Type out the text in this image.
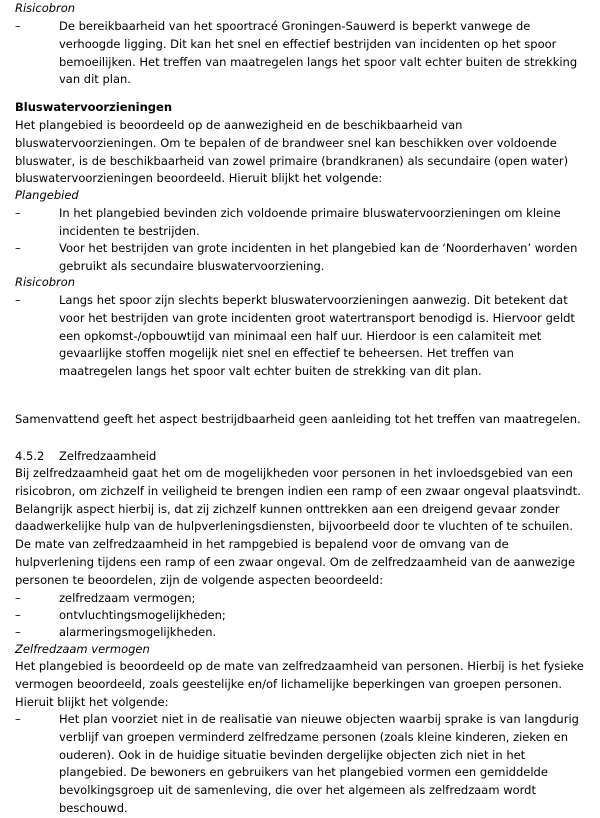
Risicobron
–	De bereikbaarheid van het spoortracé Groningen-Sauwerd is beperkt vanwege de verhoogde ligging. Dit kan het snel en effectief bestrijden van incidenten op het spoor bemoeilijken. Het treffen van maatregelen langs het spoor valt echter buiten de strekking van dit plan.
Bluswatervoorzieningen
Het plangebied is beoordeeld op de aanwezigheid en de beschikbaarheid van bluswatervoorzieningen. Om te bepalen of de brandweer snel kan beschikken over voldoende bluswater, is de beschikbaarheid van zowel primaire (brandkranen) als secundaire (open water) bluswatervoorzieningen beoordeeld. Hieruit blijkt het volgende:
Plangebied
–	In het plangebied bevinden zich voldoende primaire bluswatervoorzieningen om kleine incidenten te bestrijden.
–	Voor het bestrijden van grote incidenten in het plangebied kan de ‘Noorderhaven’ worden gebruikt als secundaire bluswatervoorziening.
Risicobron
–	Langs het spoor zijn slechts beperkt bluswatervoorzieningen aanwezig. Dit betekent dat voor het bestrijden van grote incidenten groot watertransport benodigd is. Hiervoor geldt een opkomst-/opbouwtijd van minimaal een half uur. Hierdoor is een calamiteit met gevaarlijke stoffen mogelijk niet snel en effectief te beheersen. Het treffen van maatregelen langs het spoor valt echter buiten de strekking van dit plan.
Samenvattend geeft het aspect bestrijdbaarheid geen aanleiding tot het treffen van maatregelen.
4.5.2 Zelfredzaamheid
Bij zelfredzaamheid gaat het om de mogelijkheden voor personen in het invloedsgebied van een risicobron, om zichzelf in veiligheid te brengen indien een ramp of een zwaar ongeval plaatsvindt. Belangrijk aspect hierbij is, dat zij zichzelf kunnen onttrekken aan een dreigend gevaar zonder daadwerkelijke hulp van de hulpverleningsdiensten, bijvoorbeeld door te vluchten of te schuilen. De mate van zelfredzaamheid in het rampgebied is bepalend voor de omvang van de hulpverlening tijdens een ramp of een zwaar ongeval. Om de zelfredzaamheid van de aanwezige personen te beoordelen, zijn de volgende aspecten beoordeeld:
–	zelfredzaam vermogen;
–	ontvluchtingsmogelijkheden;
–	alarmeringsmogelijkheden.
Zelfredzaam vermogen
Het plangebied is beoordeeld op de mate van zelfredzaamheid van personen. Hierbij is het fysieke vermogen beoordeeld, zoals geestelijke en/of lichamelijke beperkingen van groepen personen. Hieruit blijkt het volgende:
–	Het plan voorziet niet in de realisatie van nieuwe objecten waarbij sprake is van langdurig verblijf van groepen verminderd zelfredzame personen (zoals kleine kinderen, zieken en ouderen). Ook in de huidige situatie bevinden dergelijke objecten zich niet in het plangebied. De bewoners en gebruikers van het plangebied vormen een gemiddelde bevolkingsgroep uit de samenleving, die over het algemeen als zelfredzaam wordt beschouwd.
